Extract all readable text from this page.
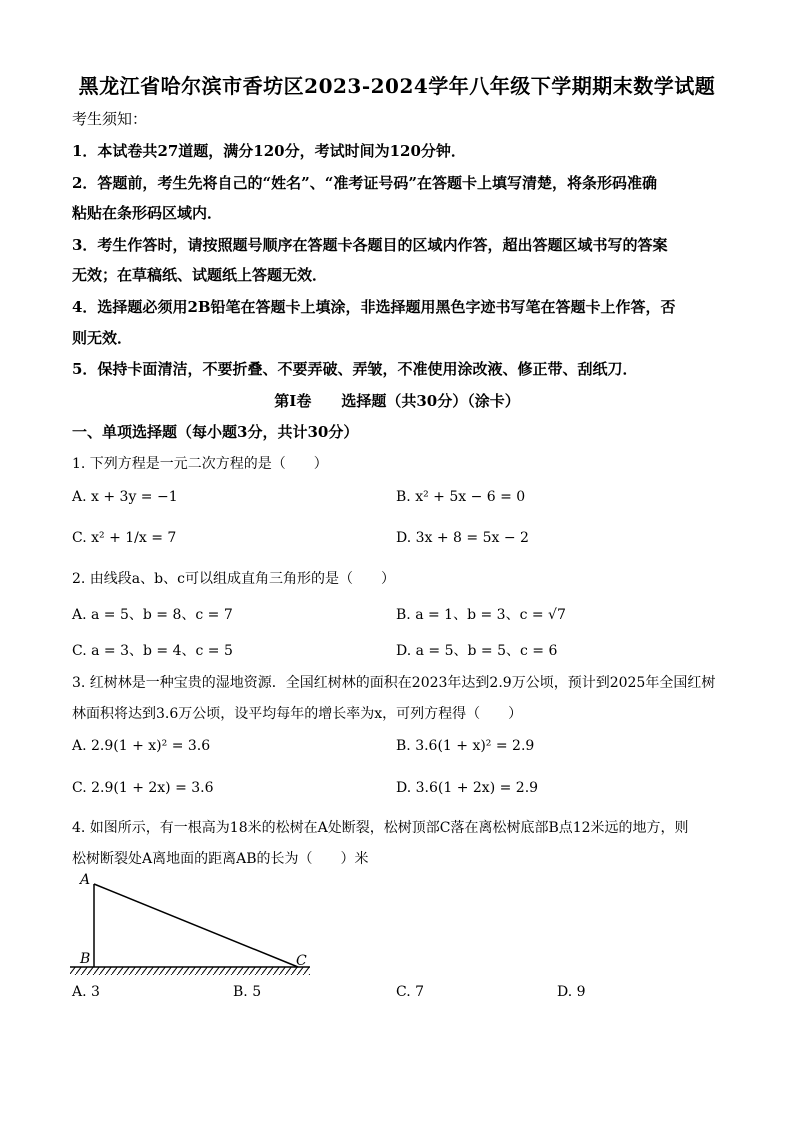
黑龙江省哈尔滨市香坊区2023-2024学年八年级下学期期末数学试题
考生须知：
1．本试卷共27道题，满分120分，考试时间为120分钟．
2．答题前，考生先将自己的“姓名”、“准考证号码”在答题卡上填写清楚，将条形码准确
粘贴在条形码区域内．
3．考生作答时，请按照题号顺序在答题卡各题目的区域内作答，超出答题区域书写的答案
无效；在草稿纸、试题纸上答题无效．
4．选择题必须用2B铅笔在答题卡上填涂，非选择题用黑色字迹书写笔在答题卡上作答，否
则无效．
5．保持卡面清洁，不要折叠、不要弄破、弄皱，不准使用涂改液、修正带、刮纸刀．
第Ⅰ卷　　选择题（共30分）（涂卡）
一、单项选择题（每小题3分，共计30分）
1. 下列方程是一元二次方程的是（　　）
A. x + 3y = −1	B. x² + 5x − 6 = 0
C. x² + 1/x = 7	D. 3x + 8 = 5x − 2
2. 由线段a、b、c可以组成直角三角形的是（　　）
A. a = 5、b = 8、c = 7	B. a = 1、b = 3、c = √7
C. a = 3、b = 4、c = 5	D. a = 5、b = 5、c = 6
3. 红树林是一种宝贵的湿地资源．全国红树林的面积在2023年达到2.9万公顷，预计到2025年全国红树
林面积将达到3.6万公顷，设平均每年的增长率为x，可列方程得（　　）
A. 2.9(1 + x)² = 3.6	B. 3.6(1 + x)² = 2.9
C. 2.9(1 + 2x) = 3.6	D. 3.6(1 + 2x) = 2.9
4. 如图所示，有一根高为18米的松树在A处断裂，松树顶部C落在离松树底部B点12米远的地方，则
松树断裂处A离地面的距离AB的长为（　　）米
A
B	C
A. 3	B. 5	C. 7	D. 9
